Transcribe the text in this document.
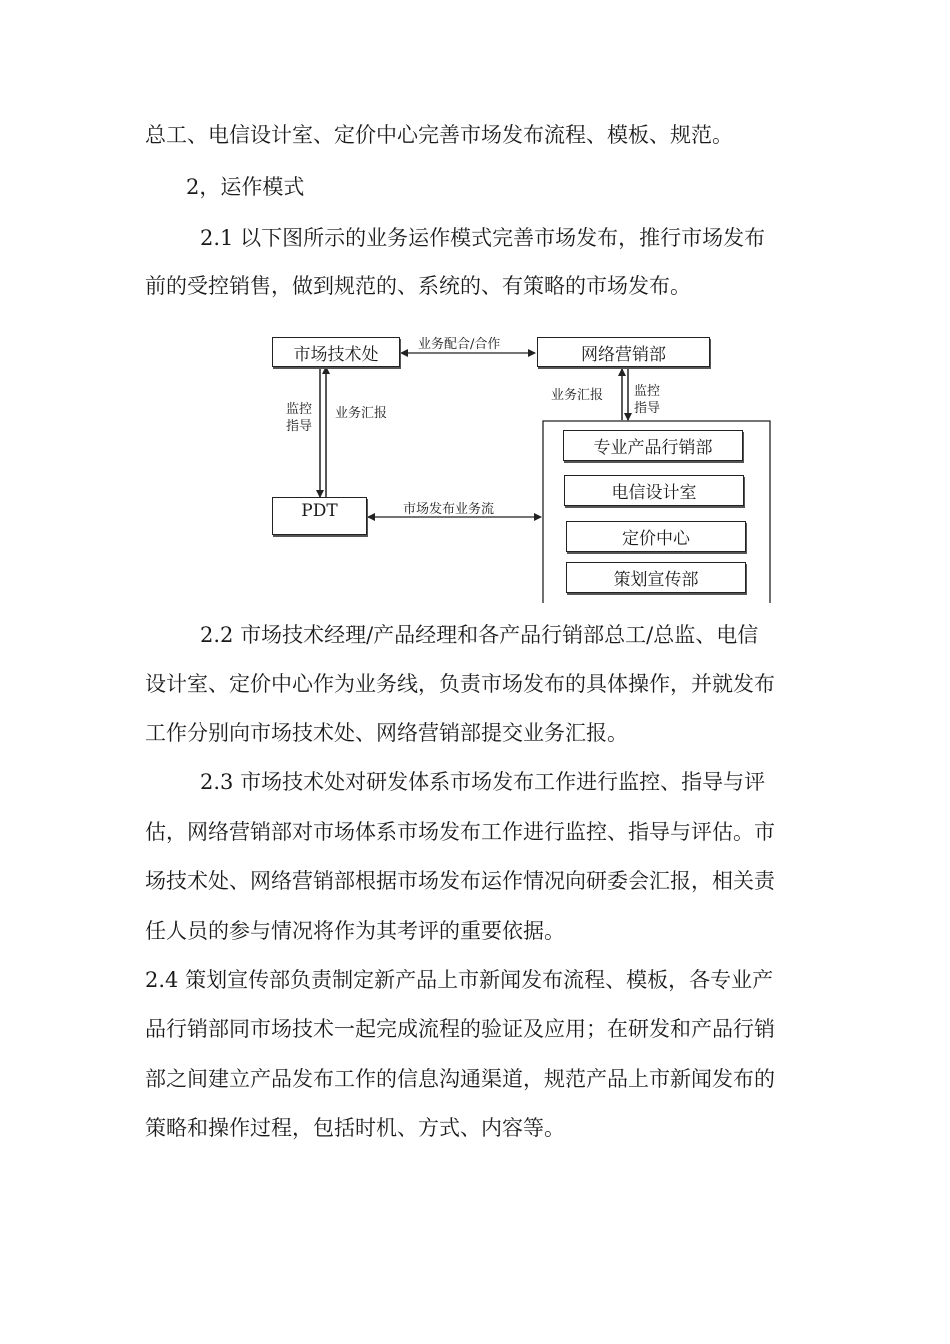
总工、电信设计室、定价中心完善市场发布流程、模板、规范。
2，运作模式
2.1 以下图所示的业务运作模式完善市场发布，推行市场发布
前的受控销售，做到规范的、系统的、有策略的市场发布。
市场技术处	网络营销部
PDT
专业产品行销部
电信设计室
定价中心
策划宣传部
业务配合/合作
监控
指导
业务汇报
业务汇报 监控
指导
市场发布业务流
2.2 市场技术经理/产品经理和各产品行销部总工/总监、电信
设计室、定价中心作为业务线，负责市场发布的具体操作，并就发布
工作分别向市场技术处、网络营销部提交业务汇报。
2.3 市场技术处对研发体系市场发布工作进行监控、指导与评
估，网络营销部对市场体系市场发布工作进行监控、指导与评估。市
场技术处、网络营销部根据市场发布运作情况向研委会汇报，相关责
任人员的参与情况将作为其考评的重要依据。
2.4 策划宣传部负责制定新产品上市新闻发布流程、模板，各专业产
品行销部同市场技术一起完成流程的验证及应用；在研发和产品行销
部之间建立产品发布工作的信息沟通渠道，规范产品上市新闻发布的
策略和操作过程，包括时机、方式、内容等。
